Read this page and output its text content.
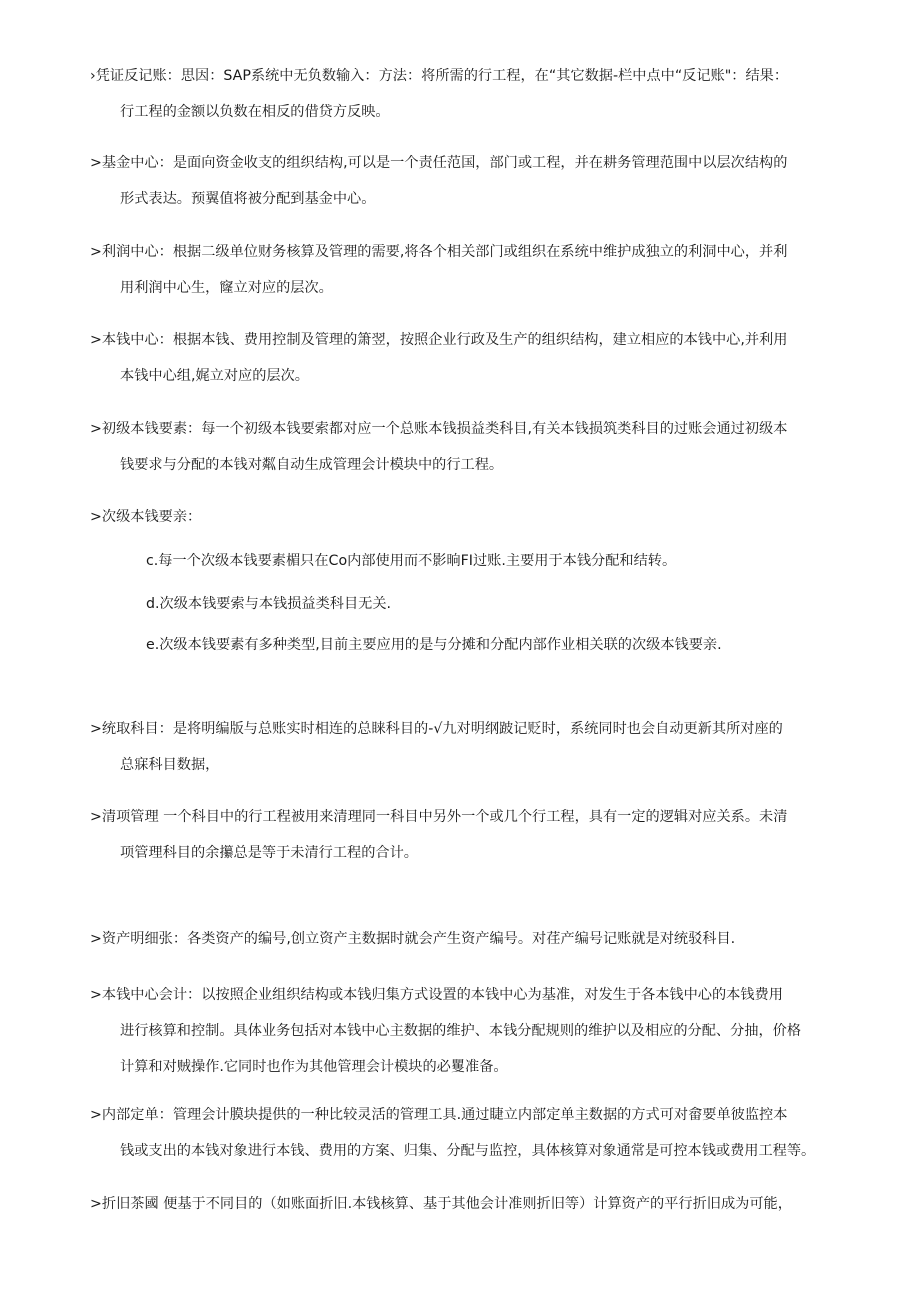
›凭证反记账：思因：SAP系统中无负数输入：方法：将所需的行工程，在“其它数据-栏中点中“反记账"：结果：
行工程的金额以负数在相反的借贷方反映。

>基金中心：是面向资金收支的组织结构,可以是一个责任范国，部门或工程，并在耕务管理范围中以层次结构的
形式表达。预翼值将被分配到基金中心。

>利润中心：根据二级单位财务核算及管理的需要,将各个相关部门或组织在系统中维护成独立的利洞中心，并利
用利润中心生，窿立对应的层次。

>本钱中心：根据本钱、费用控制及管理的箫翌，按照企业行政及生产的组织结构，建立相应的本钱中心,并利用
本钱中心组,娓立对应的层次。

>初级本钱要素：每一个初级本钱要索都对应一个总账本钱损益类科目,有关本钱损筑类科目的过账会通过初级本
钱要求与分配的本钱对粼自动生成管理会计模块中的行工程。

>次级本钱要亲：

c.每一个次级本钱要素楣只在Co内部使用而不影晌FI过账.主要用于本钱分配和结转。

d.次级本钱要索与本钱损益类科目无关.

e.次级本钱要素有多种类型,目前主要应用的是与分摊和分配内部作业相关联的次级本钱要亲.

>统取科目：是将明编版与总账实时相连的总睐科目的-√九对明纲跛记贬时，系统同时也会自动更新其所对座的
总寐科目数据，

>清项管理 一个科目中的行工程被用来清理同一科目中另外一个或几个行工程，具有一定的逻辑对应关系。未清
项管理科目的余攥总是等于未清行工程的合计。

>资产明细张：各类资产的编号,创立资产主数据时就会产生资产编号。对荏产编号记账就是对统驳科目.

>本钱中心会计：以按照企业组织结构或本钱归集方式设置的本钱中心为基准，对发生于各本钱中心的本钱费用
进行核算和控制。具体业务包括对本钱中心主数据的维护、本钱分配规则的维护以及相应的分配、分抽，价格
计算和对贼操作.它同时也作为其他管理会计模块的必矍准备。

>内部定单：管理会计膜块提供的一种比较灵活的管理工具.通过睫立内部定单主数据的方式可对畲要单彼监控本
钱或支出的本钱对象进行本钱、费用的方案、归集、分配与监控，具体核算对象通常是可控本钱或费用工程等。

>折旧茶國 便基于不同目的（如账面折旧.本钱核算、基于其他会计准则折旧等）计算资产的平行折旧成为可能，
